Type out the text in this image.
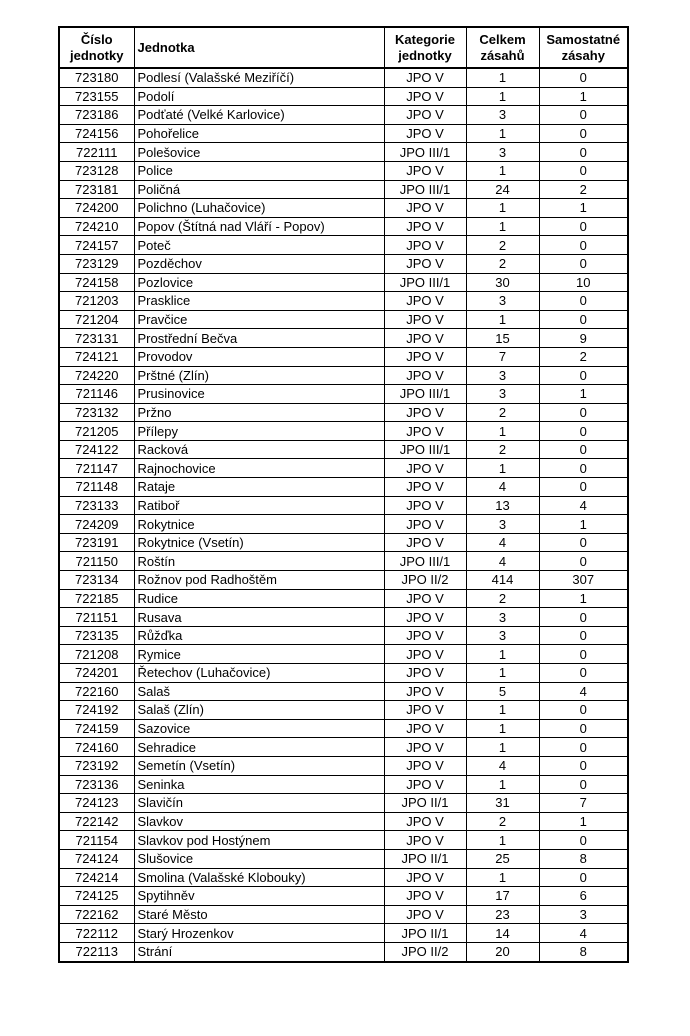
Číslo jednotky	Jednotka	Kategorie jednotky	Celkem zásahů	Samostatné zásahy
723180	Podlesí (Valašské Meziříčí)	JPO V	1	0
723155	Podolí	JPO V	1	1
723186	Podťaté (Velké Karlovice)	JPO V	3	0
724156	Pohořelice	JPO V	1	0
722111	Polešovice	JPO III/1	3	0
723128	Police	JPO V	1	0
723181	Poličná	JPO III/1	24	2
724200	Polichno (Luhačovice)	JPO V	1	1
724210	Popov (Štítná nad Vláří - Popov)	JPO V	1	0
724157	Poteč	JPO V	2	0
723129	Pozděchov	JPO V	2	0
724158	Pozlovice	JPO III/1	30	10
721203	Prasklice	JPO V	3	0
721204	Pravčice	JPO V	1	0
723131	Prostřední Bečva	JPO V	15	9
724121	Provodov	JPO V	7	2
724220	Prštné (Zlín)	JPO V	3	0
721146	Prusinovice	JPO III/1	3	1
723132	Pržno	JPO V	2	0
721205	Přílepy	JPO V	1	0
724122	Racková	JPO III/1	2	0
721147	Rajnochovice	JPO V	1	0
721148	Rataje	JPO V	4	0
723133	Ratiboř	JPO V	13	4
724209	Rokytnice	JPO V	3	1
723191	Rokytnice (Vsetín)	JPO V	4	0
721150	Roštín	JPO III/1	4	0
723134	Rožnov pod Radhoštěm	JPO II/2	414	307
722185	Rudice	JPO V	2	1
721151	Rusava	JPO V	3	0
723135	Růžďka	JPO V	3	0
721208	Rymice	JPO V	1	0
724201	Řetechov (Luhačovice)	JPO V	1	0
722160	Salaš	JPO V	5	4
724192	Salaš (Zlín)	JPO V	1	0
724159	Sazovice	JPO V	1	0
724160	Sehradice	JPO V	1	0
723192	Semetín (Vsetín)	JPO V	4	0
723136	Seninka	JPO V	1	0
724123	Slavičín	JPO II/1	31	7
722142	Slavkov	JPO V	2	1
721154	Slavkov pod Hostýnem	JPO V	1	0
724124	Slušovice	JPO II/1	25	8
724214	Smolina (Valašské Klobouky)	JPO V	1	0
724125	Spytihněv	JPO V	17	6
722162	Staré Město	JPO V	23	3
722112	Starý Hrozenkov	JPO II/1	14	4
722113	Strání	JPO II/2	20	8
